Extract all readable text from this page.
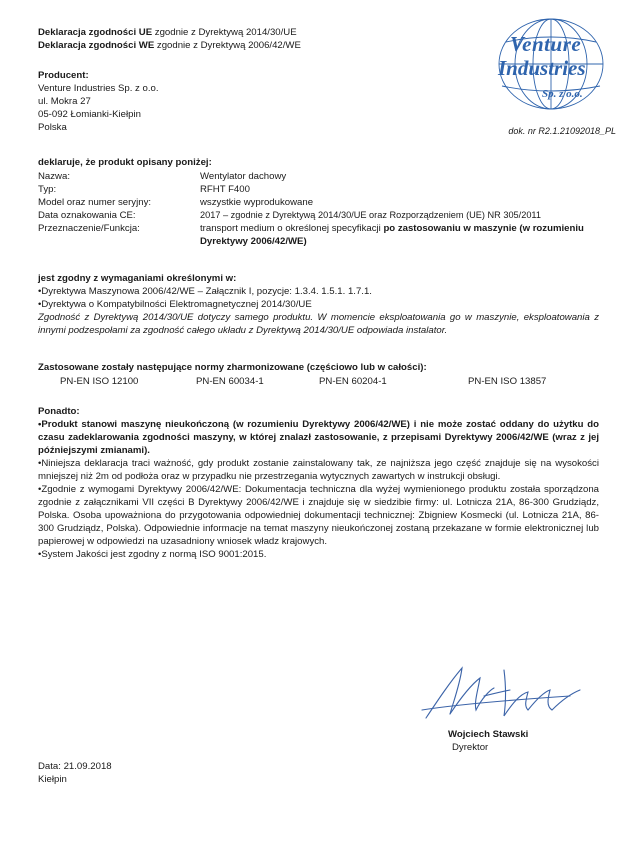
Deklaracja zgodności UE zgodnie z Dyrektywą 2014/30/UE
Deklaracja zgodności WE zgodnie z Dyrektywą 2006/42/WE	Venture
Industries
Sp. z o.o.
dok. nr R2.1.21092018_PL
Producent:
Venture Industries Sp. z o.o.
ul. Mokra 27
05-092 Łomianki-Kiełpin
Polska
deklaruje, że produkt opisany poniżej:
Nazwa:	Wentylator dachowy
Typ:	RFHT F400
Model oraz numer seryjny:	wszystkie wyprodukowane
Data oznakowania CE:	2017 – zgodnie z Dyrektywą 2014/30/UE oraz Rozporządzeniem (UE) NR 305/2011
Przeznaczenie/Funkcja:	transport medium o określonej specyfikacji po zastosowaniu w maszynie (w rozumieniu Dyrektywy 2006/42/WE)
jest zgodny z wymaganiami określonymi w:
•Dyrektywa Maszynowa 2006/42/WE – Załącznik I, pozycje: 1.3.4. 1.5.1. 1.7.1.
•Dyrektywa o Kompatybilności Elektromagnetycznej 2014/30/UE
Zgodność z Dyrektywą 2014/30/UE dotyczy samego produktu. W momencie eksploatowania go w maszynie, eksploatowania z innymi podzespołami za zgodność całego układu z Dyrektywą 2014/30/UE odpowiada instalator.
Zastosowane zostały następujące normy zharmonizowane (częściowo lub w całości):
PN-EN ISO 12100	PN-EN 60034-1	PN-EN 60204-1	PN-EN ISO 13857
Ponadto:
•Produkt stanowi maszynę nieukończoną (w rozumieniu Dyrektywy 2006/42/WE) i nie może zostać oddany do użytku do czasu zadeklarowania zgodności maszyny, w której znalazł zastosowanie, z przepisami Dyrektywy 2006/42/WE (wraz z jej późniejszymi zmianami).
•Niniejsza deklaracja traci ważność, gdy produkt zostanie zainstalowany tak, ze najniższa jego część znajduje się na wysokości mniejszej niż 2m od podłoża oraz w przypadku nie przestrzegania wytycznych zawartych w instrukcji obsługi.
•Zgodnie z wymogami Dyrektywy 2006/42/WE: Dokumentacja techniczna dla wyżej wymienionego produktu została sporządzona zgodnie z załącznikami VII części B Dyrektywy 2006/42/WE i znajduje się w siedzibie firmy: ul. Lotnicza 21A, 86-300 Grudziądz, Polska. Osoba upoważniona do przygotowania odpowiedniej dokumentacji technicznej: Zbigniew Kosmecki (ul. Lotnicza 21A, 86-300 Grudziądz, Polska). Odpowiednie informacje na temat maszyny nieukończonej zostaną przekazane w formie elektronicznej lub papierowej w odpowiedzi na uzasadniony wniosek władz krajowych.
•System Jakości jest zgodny z normą ISO 9001:2015.
Wojciech Stawski
Dyrektor
Data: 21.09.2018
Kiełpin
